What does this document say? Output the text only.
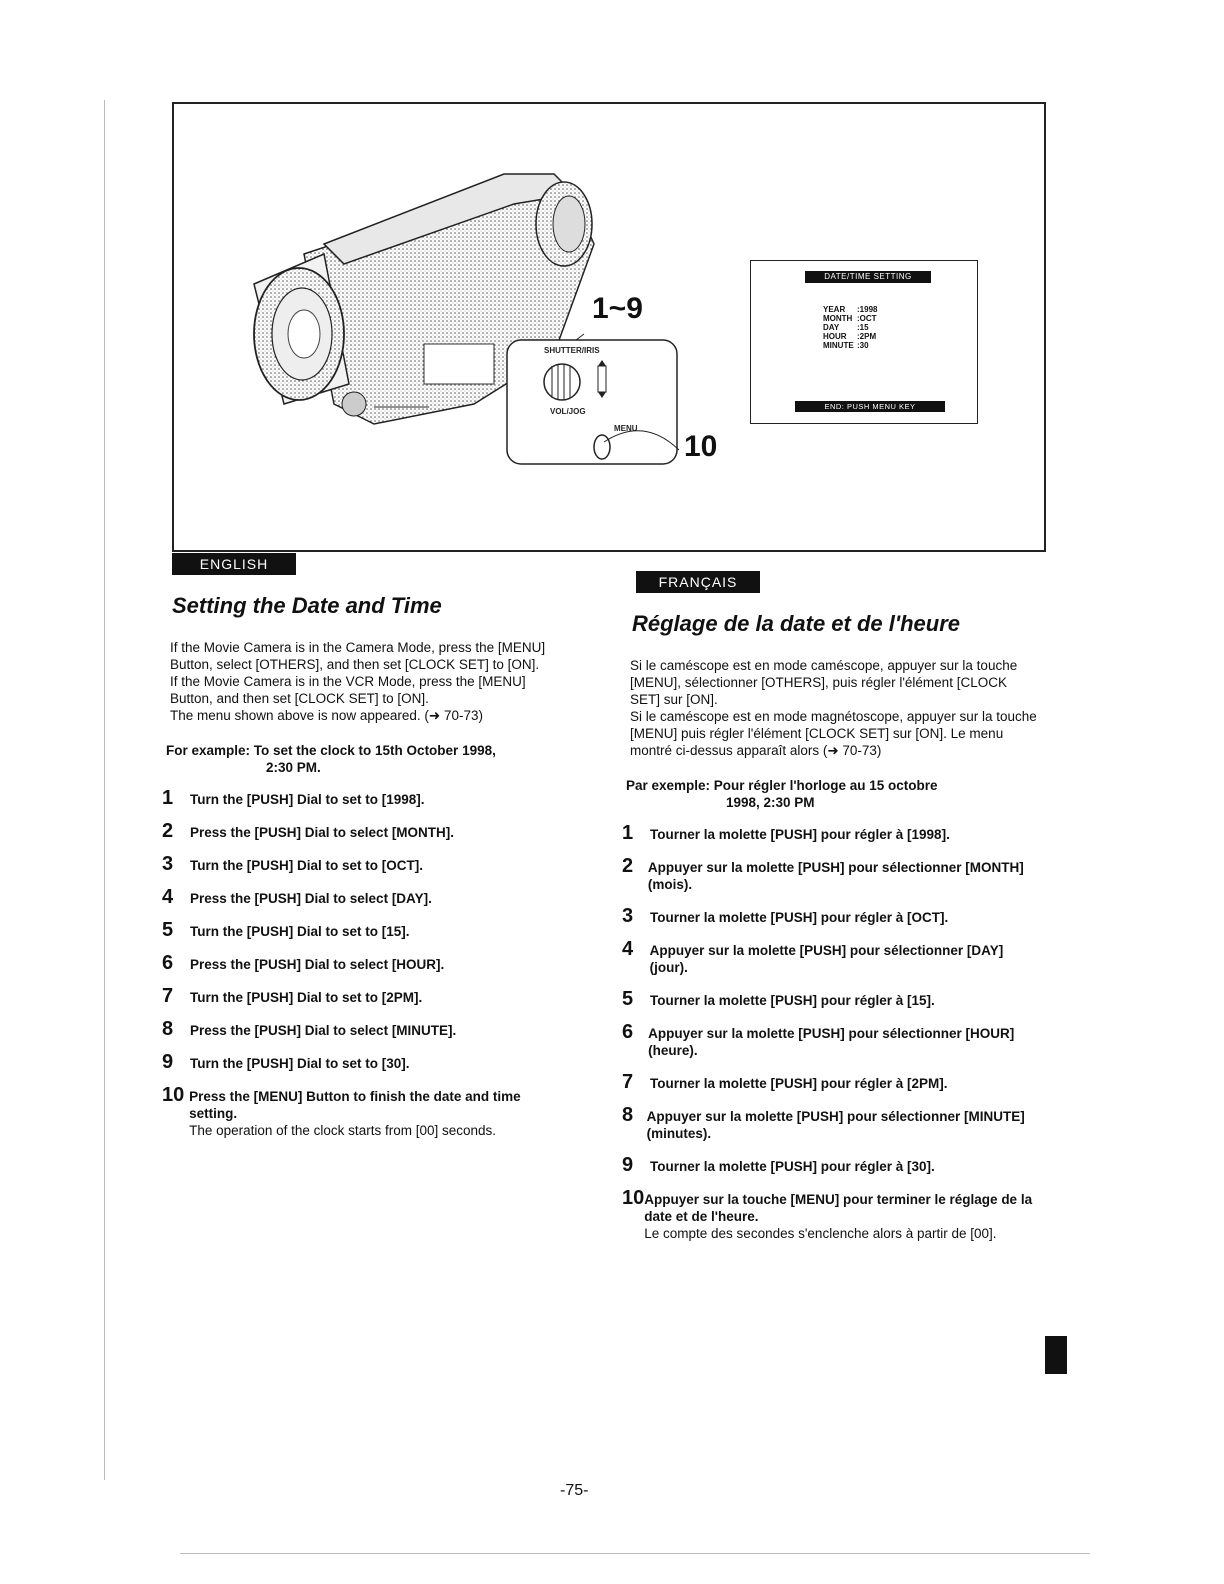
1~9
10
SHUTTER/IRIS
VOL/JOG
MENU
DATE/TIME SETTING
YEAR	:1998
MONTH :OCT
DAY	:15
HOUR	:2PM
MINUTE :30
END: PUSH MENU KEY
ENGLISH
Setting the Date and Time

If the Movie Camera is in the Camera Mode, press the [MENU] Button, select [OTHERS], and then set [CLOCK SET] to [ON].

If the Movie Camera is in the VCR Mode, press the [MENU] Button, and then set [CLOCK SET] to [ON].

The menu shown above is now appeared. (➜ 70-73)

For example: To set the clock to 15th October 1998,
2:30 PM.
1	Turn the [PUSH] Dial to set to [1998].
2	Press the [PUSH] Dial to select [MONTH].
3	Turn the [PUSH] Dial to set to [OCT].
4	Press the [PUSH] Dial to select [DAY].
5	Turn the [PUSH] Dial to set to [15].
6	Press the [PUSH] Dial to select [HOUR].
7	Turn the [PUSH] Dial to set to [2PM].
8	Press the [PUSH] Dial to select [MINUTE].
9	Turn the [PUSH] Dial to set to [30].
10 Press the [MENU] Button to finish the date and time setting.
The operation of the clock starts from [00] seconds.
FRANÇAIS
Réglage de la date et de l'heure

Si le caméscope est en mode caméscope, appuyer sur la touche [MENU], sélectionner [OTHERS], puis régler l'élément [CLOCK SET] sur [ON].

Si le caméscope est en mode magnétoscope, appuyer sur la touche [MENU] puis régler l'élément [CLOCK SET] sur [ON]. Le menu montré ci-dessus apparaît alors (➜ 70-73)

Par exemple: Pour régler l'horloge au 15 octobre
1998, 2:30 PM
1	Tourner la molette [PUSH] pour régler à [1998].
2	Appuyer sur la molette [PUSH] pour sélectionner [MONTH] (mois).
3	Tourner la molette [PUSH] pour régler à [OCT].
4	Appuyer sur la molette [PUSH] pour sélectionner [DAY] (jour).
5	Tourner la molette [PUSH] pour régler à [15].
6	Appuyer sur la molette [PUSH] pour sélectionner [HOUR] (heure).
7	Tourner la molette [PUSH] pour régler à [2PM].
8	Appuyer sur la molette [PUSH] pour sélectionner [MINUTE] (minutes).
9	Tourner la molette [PUSH] pour régler à [30].
10 Appuyer sur la touche [MENU] pour terminer le réglage de la date et de l'heure.
Le compte des secondes s'enclenche alors à partir de [00].
-75-
